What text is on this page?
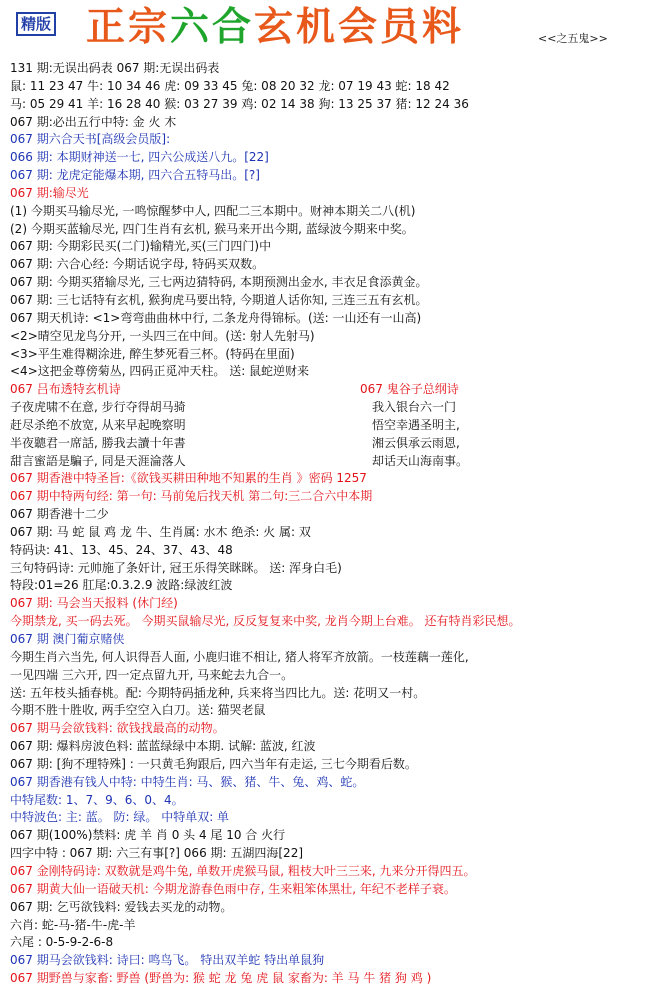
精版 正宗六合玄机会员料	<<之五鬼>>
131 期:无误出码表 067 期:无误出码表
鼠: 11 23 47 牛: 10 34 46 虎: 09 33 45 兔: 08 20 32 龙: 07 19 43 蛇: 18 42
马: 05 29 41 羊: 16 28 40 猴: 03 27 39 鸡: 02 14 38 狗: 13 25 37 猪: 12 24 36
067 期:必出五行中特: 金 火 木
067 期六合天书[高级会员版]:
066 期: 本期财神送一七, 四六公成送八九。[22]
067 期: 龙虎定能爆本期, 四六合五特马出。[?]
067 期:输尽光
(1) 今期买马输尽光, 一鸣惊醒梦中人, 四配二三本期中。财神本期关二八(机)
(2) 今期买蓝输尽光, 四门生肖有玄机, 猴马来开出今期, 蓝绿波今期来中奖。
067 期: 今期彩民买(二门)输精光,买(三门四门)中
067 期: 六合心经: 今期话说字母, 特码买双数。
067 期: 今期买猪输尽光, 三七两边猜特码, 本期预测出金水, 丰衣足食添黄金。
067 期: 三七话特有玄机, 猴狗虎马要出特, 今期道人话你知, 三连三五有玄机。
067 期天机诗: <1>弯弯曲曲林中行, 二条龙舟得锦标。(送: 一山还有一山高)
<2>晴空见龙鸟分开, 一头四三在中间。(送: 射人先射马)
<3>平生难得糊涂进, 醉生梦死看三杯。(特码在里面)
<4>这把金尊傍菊丛, 四码正觅冲天柱。 送: 鼠蛇逆财来
067 吕布透特玄机诗	067 鬼谷子总纲诗
子夜虎啸不在意, 步行夺得胡马骑	我入银台六一门
赶尽杀绝不放宽, 从来早起晚察明	悟空幸遇圣明主,
半夜聽君一席話, 勝我去讀十年書	湘云俱承云雨恩,
甜言蜜語是騙子, 同是天涯淪落人	却话天山海南事。
067 期香港中特圣旨:《欲钱买耕田种地不知累的生肖 》密码 1257
067 期中特两句经: 第一句: 马前兔后找天机 第二句:三二合六中本期
067 期香港十二少
067 期: 马 蛇 鼠 鸡 龙 牛、生肖属: 水木 绝杀: 火 属: 双
特码诀: 41、13、45、24、37、43、48
三句特码诗: 元帅施了条奸计, 冠王乐得笑眯眯。 送: 浑身白毛)
特段:01=26 肛尾:0.3.2.9 波路:绿波红波
067 期: 马会当天报料 (休门经)
今期禁龙, 买一码去死。 今期买鼠输尽光, 反反复复来中奖, 龙肖今期上台难。 还有特肖彩民想。
067 期 澳门葡京赌侠
今期生肖六当先, 何人识得吾人面, 小鹿归谁不相让, 猪人将军齐放箭。一枝莲藕一莲化,
一见四端 三六开, 四一定点留九开, 马来蛇去九合一。
送: 五年枝头插春桃。配: 今期特码插龙种, 兵来将当四比九。送: 花明又一村。
今期不胜十胜收, 两手空空入白刀。送: 猫哭老鼠
067 期马会欲钱料: 欲钱找最高的动物。
067 期: 爆料房波色料: 蓝蓝绿绿中本期. 试解: 蓝波, 红波
067 期: [狗不理特殊] : 一只黄毛狗跟后, 四六当年有走运, 三七今期看后数。
067 期香港有钱人中特: 中特生肖: 马、猴、猪、牛、兔、鸡、蛇。
中特尾数: 1、7、9、6、0、4。
中特波色: 主: 蓝。 防: 绿。 中特单双: 单
067 期(100%)禁料: 虎 羊 肖 0 头 4 尾 10 合 火行
四字中特 : 067 期: 六三有事[?] 066 期: 五湖四海[22]
067 金刚特码诗: 双数就是鸡牛兔, 单数开虎猴马鼠, 粗枝大叶三三来, 九来分开得四五。
067 期黄大仙一语破天机: 今期龙游春色雨中存, 生来粗笨体黑壮, 年纪不老样子衰。
067 期: 乞丐欲钱料: 爱钱去买龙的动物。
六肖: 蛇-马-猪-牛-虎-羊
六尾 : 0-5-9-2-6-8
067 期马会欲钱料: 诗曰: 鸣鸟飞。 特出双羊蛇 特出单鼠狗
067 期野兽与家畜: 野兽 (野兽为: 猴 蛇 龙 兔 虎 鼠 家畜为: 羊 马 牛 猪 狗 鸡 )
